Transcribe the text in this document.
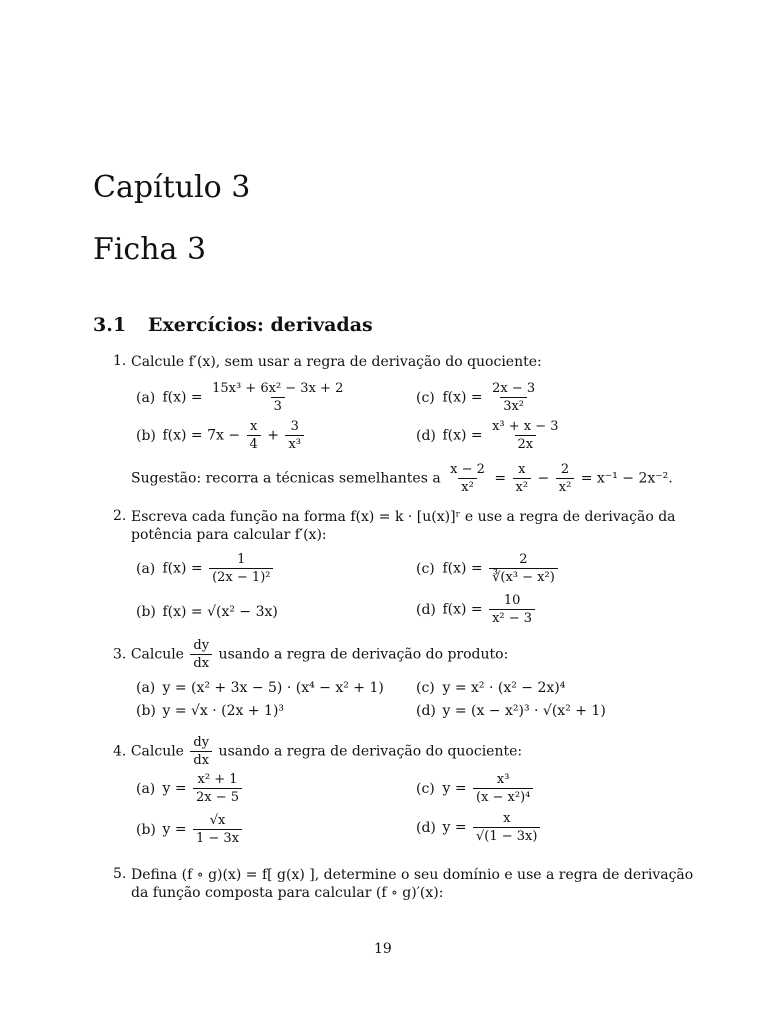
Capítulo 3
Ficha 3
3.1 Exercícios: derivadas
1. Calcule f′(x), sem usar a regra de derivação do quociente:
(a) $f(x) = \frac{\text{15x³ + 6x² − 3x + 2}}{3}$	(c) $f(x) = \frac{2x - 3}{\text{3x²}}$
(b) $f(x) = 7x - \frac{x}{4} + \frac{3}{\text{x³}}$	(d) $f(x) = \frac{\text{x³ + x − 3}}{2x}$
Sugestão: recorra a técnicas semelhantes a $\frac{x - 2}{\text{x²}} = \frac{x}{\text{x²}} - \frac{2}{\text{x²}} = x^{-1} - 2x^{-2}$.
2. Escreva cada função na forma f(x) = k · [u(x)]ʳ e use a regra de derivação da
potência para calcular f′(x):
(a) $f(x) = \frac{1}{\text{(2x − 1)²}}$	(c) $f(x) = \frac{2}{\text{∛(x³ − x²)}}$
(b) f(x) = √(x² − 3x)	(d) $f(x) = \frac{10}{\text{x² − 3}}$
3. Calcule $\frac{dy}{dx}$ usando a regra de derivação do produto:
(a) y = (x² + 3x − 5) · (x⁴ − x² + 1) (c) y = x² · (x² − 2x)⁴
(b) y = √x · (2x + 1)³	(d) y = (x − x²)³ · √(x² + 1)
4. Calcule $\frac{dy}{dx}$ usando a regra de derivação do quociente:
(a) $y = \frac{\text{x² + 1}}{2x - 5}$	(c) $y = \frac{\text{x³}}{\text{(x − x²)⁴}}$
(b) $y = \frac{√x}{1 - 3x}$	(d) $y = \frac{x}{√(1 - 3x)}$
5. Defina (f ∘ g)(x) = f[ g(x) ], determine o seu domínio e use a regra de derivação
da função composta para calcular (f ∘ g)′(x):
19
